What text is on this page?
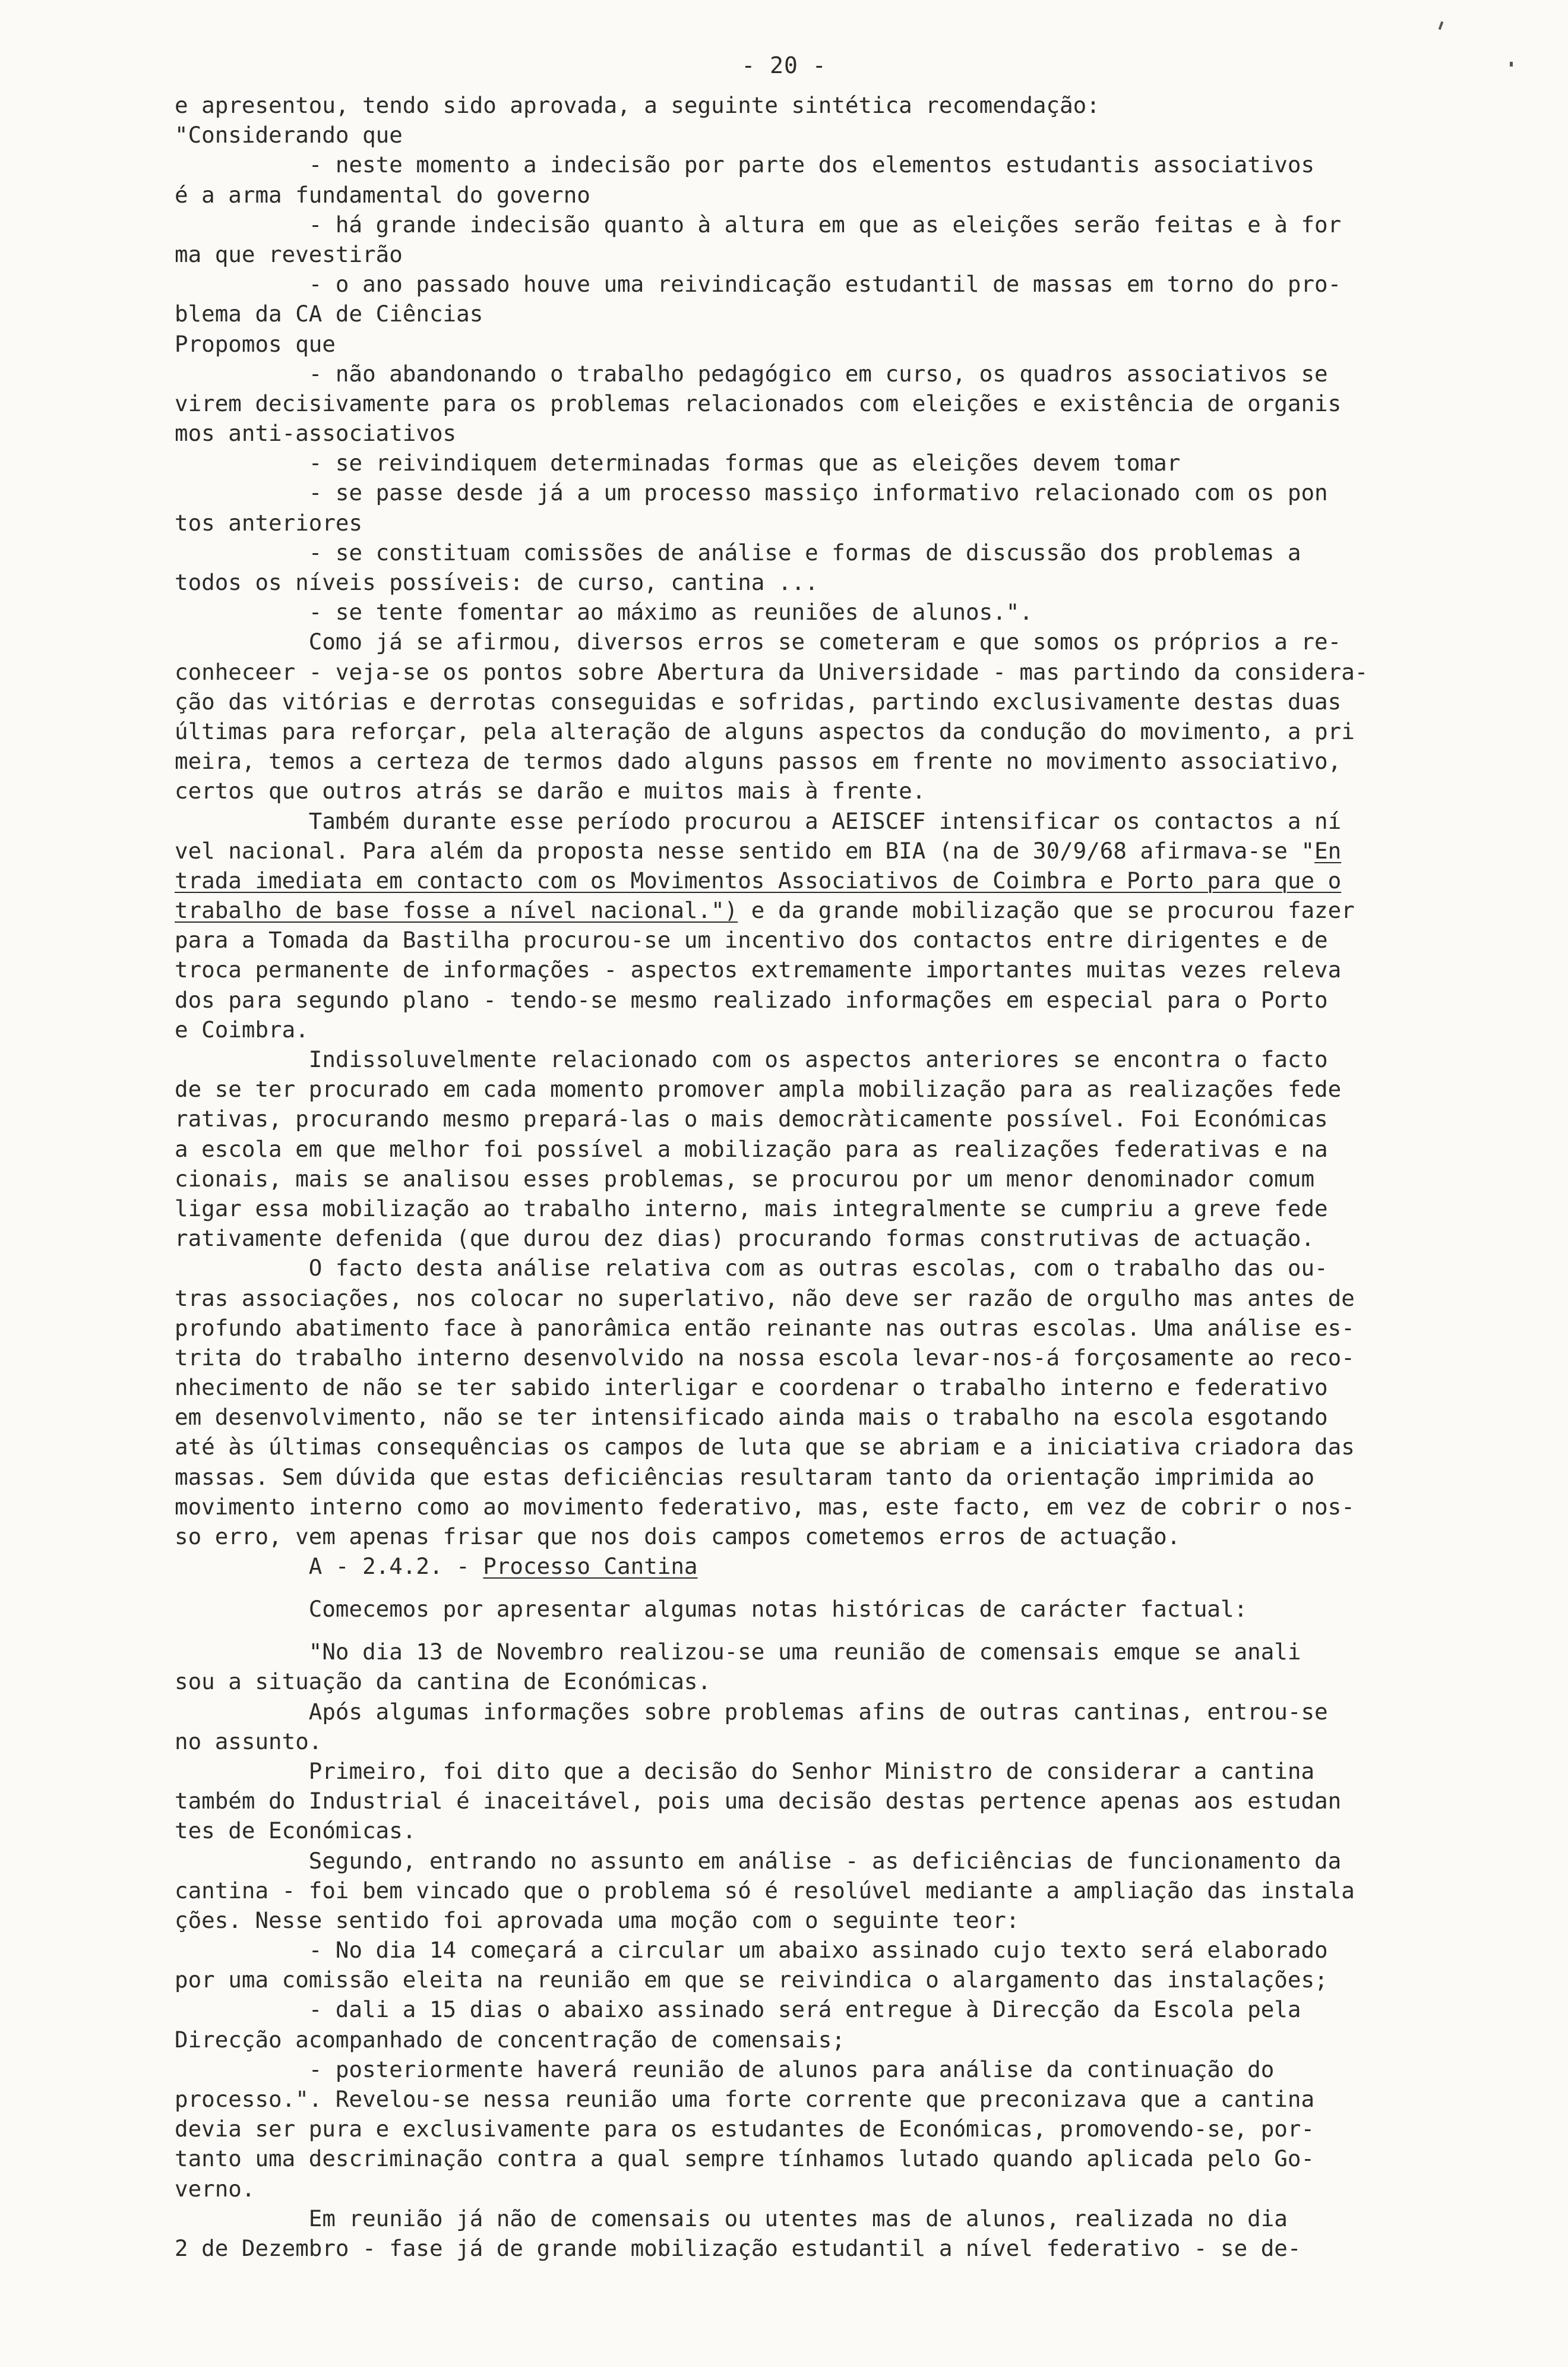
- 20 -
e apresentou, tendo sido aprovada, a seguinte sintética recomendação:
"Considerando que
- neste momento a indecisão por parte dos elementos estudantis associativos
é a arma fundamental do governo
- há grande indecisão quanto à altura em que as eleições serão feitas e à for
ma que revestirão
- o ano passado houve uma reivindicação estudantil de massas em torno do pro-
blema da CA de Ciências
Propomos que
- não abandonando o trabalho pedagógico em curso, os quadros associativos se
virem decisivamente para os problemas relacionados com eleições e existência de organis
mos anti-associativos
- se reivindiquem determinadas formas que as eleições devem tomar
- se passe desde já a um processo massiço informativo relacionado com os pon
tos anteriores
- se constituam comissões de análise e formas de discussão dos problemas a
todos os níveis possíveis: de curso, cantina ...
- se tente fomentar ao máximo as reuniões de alunos.".
Como já se afirmou, diversos erros se cometeram e que somos os próprios a re-
conheceer - veja-se os pontos sobre Abertura da Universidade - mas partindo da considera-
ção das vitórias e derrotas conseguidas e sofridas, partindo exclusivamente destas duas
últimas para reforçar, pela alteração de alguns aspectos da condução do movimento, a pri
meira, temos a certeza de termos dado alguns passos em frente no movimento associativo,
certos que outros atrás se darão e muitos mais à frente.
Também durante esse período procurou a AEISCEF intensificar os contactos a ní
vel nacional. Para além da proposta nesse sentido em BIA (na de 30/9/68 afirmava-se "En
trada imediata em contacto com os Movimentos Associativos de Coimbra e Porto para que o
trabalho de base fosse a nível nacional.") e da grande mobilização que se procurou fazer
para a Tomada da Bastilha procurou-se um incentivo dos contactos entre dirigentes e de
troca permanente de informações - aspectos extremamente importantes muitas vezes releva
dos para segundo plano - tendo-se mesmo realizado informações em especial para o Porto
e Coimbra.
Indissoluvelmente relacionado com os aspectos anteriores se encontra o facto
de se ter procurado em cada momento promover ampla mobilização para as realizações fede
rativas, procurando mesmo prepará-las o mais democràticamente possível. Foi Económicas
a escola em que melhor foi possível a mobilização para as realizações federativas e na
cionais, mais se analisou esses problemas, se procurou por um menor denominador comum
ligar essa mobilização ao trabalho interno, mais integralmente se cumpriu a greve fede
rativamente defenida (que durou dez dias) procurando formas construtivas de actuação.
O facto desta análise relativa com as outras escolas, com o trabalho das ou-
tras associações, nos colocar no superlativo, não deve ser razão de orgulho mas antes de
profundo abatimento face à panorâmica então reinante nas outras escolas. Uma análise es-
trita do trabalho interno desenvolvido na nossa escola levar-nos-á forçosamente ao reco-
nhecimento de não se ter sabido interligar e coordenar o trabalho interno e federativo
em desenvolvimento, não se ter intensificado ainda mais o trabalho na escola esgotando
até às últimas consequências os campos de luta que se abriam e a iniciativa criadora das
massas. Sem dúvida que estas deficiências resultaram tanto da orientação imprimida ao
movimento interno como ao movimento federativo, mas, este facto, em vez de cobrir o nos-
so erro, vem apenas frisar que nos dois campos cometemos erros de actuação.
A - 2.4.2. - Processo Cantina
Comecemos por apresentar algumas notas históricas de carácter factual:
"No dia 13 de Novembro realizou-se uma reunião de comensais emque se anali
sou a situação da cantina de Económicas.
Após algumas informações sobre problemas afins de outras cantinas, entrou-se
no assunto.
Primeiro, foi dito que a decisão do Senhor Ministro de considerar a cantina
também do Industrial é inaceitável, pois uma decisão destas pertence apenas aos estudan
tes de Económicas.
Segundo, entrando no assunto em análise - as deficiências de funcionamento da
cantina - foi bem vincado que o problema só é resolúvel mediante a ampliação das instala
ções. Nesse sentido foi aprovada uma moção com o seguinte teor:
- No dia 14 começará a circular um abaixo assinado cujo texto será elaborado
por uma comissão eleita na reunião em que se reivindica o alargamento das instalações;
- dali a 15 dias o abaixo assinado será entregue à Direcção da Escola pela
Direcção acompanhado de concentração de comensais;
- posteriormente haverá reunião de alunos para análise da continuação do
processo.". Revelou-se nessa reunião uma forte corrente que preconizava que a cantina
devia ser pura e exclusivamente para os estudantes de Económicas, promovendo-se, por-
tanto uma descriminação contra a qual sempre tínhamos lutado quando aplicada pelo Go-
verno.
Em reunião já não de comensais ou utentes mas de alunos, realizada no dia
2 de Dezembro - fase já de grande mobilização estudantil a nível federativo - se de-
